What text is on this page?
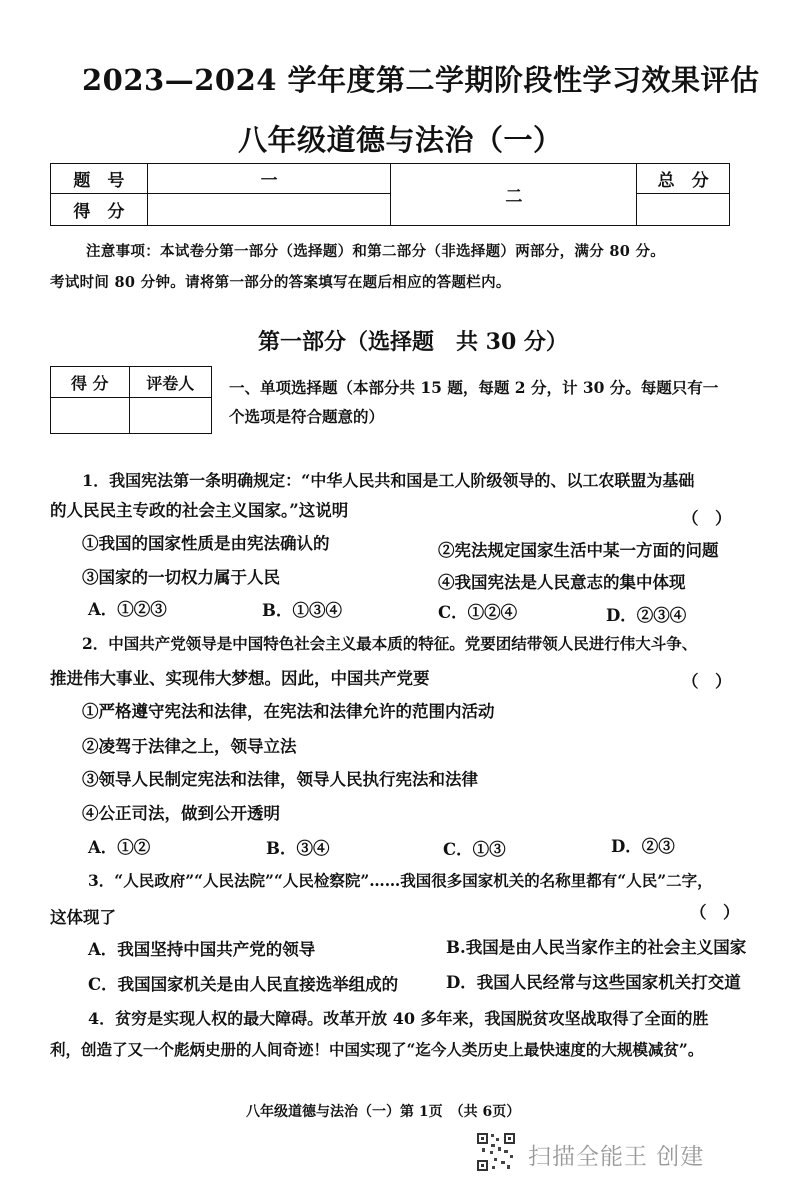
2023—2024 学年度第二学期阶段性学习效果评估
八年级道德与法治（一）
题　号	一	二	总　分
得　分			
注意事项：本试卷分第一部分（选择题）和第二部分（非选择题）两部分，满分 80 分。
考试时间 80 分钟。请将第一部分的答案填写在题后相应的答题栏内。
第一部分（选择题　共 30 分）
得 分	评卷人
	一、单项选择题（本部分共 15 题，每题 2 分，计 30 分。每题只有一
个选项是符合题意的）
1．我国宪法第一条明确规定：“中华人民共和国是工人阶级领导的、以工农联盟为基础
的人民民主专政的社会主义国家。”这说明	（　）
①我国的国家性质是由宪法确认的	②宪法规定国家生活中某一方面的问题
③国家的一切权力属于人民	④我国宪法是人民意志的集中体现
A．①②③	B．①③④	C．①②④	D．②③④
2．中国共产党领导是中国特色社会主义最本质的特征。党要团结带领人民进行伟大斗争、
推进伟大事业、实现伟大梦想。因此，中国共产党要	（　）
①严格遵守宪法和法律，在宪法和法律允许的范围内活动
②凌驾于法律之上，领导立法
③领导人民制定宪法和法律，领导人民执行宪法和法律
④公正司法，做到公开透明
A．①②	B．③④	C．①③	D．②③
3．“人民政府”“人民法院”“人民检察院”……我国很多国家机关的名称里都有“人民”二字，
这体现了	（　）
A．我国坚持中国共产党的领导	B.我国是由人民当家作主的社会主义国家
C．我国国家机关是由人民直接选举组成的	D．我国人民经常与这些国家机关打交道
4．贫穷是实现人权的最大障碍。改革开放 40 多年来，我国脱贫攻坚战取得了全面的胜
利，创造了又一个彪炳史册的人间奇迹！中国实现了“迄今人类历史上最快速度的大规模减贫”。
八年级道德与法治（一）第 1页　（共 6页）
扫描全能王 创建
